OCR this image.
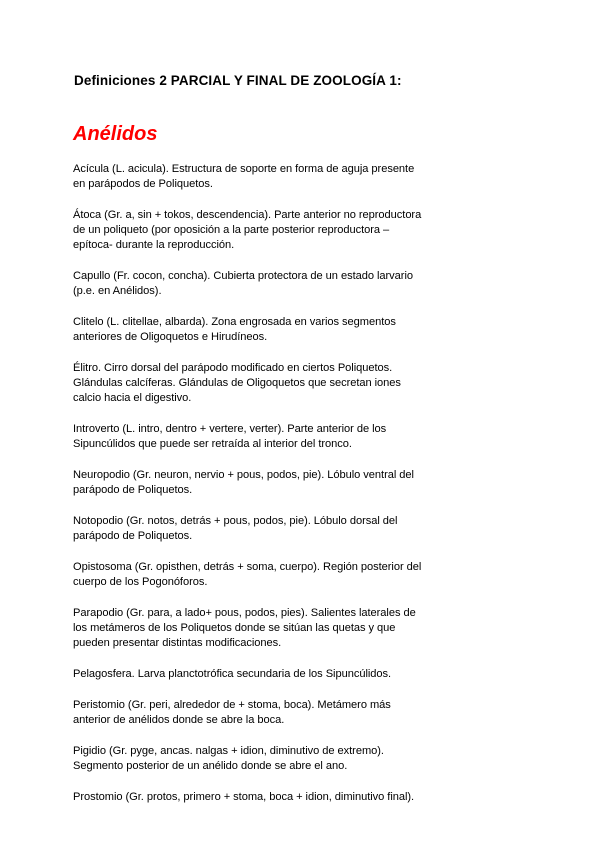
Definiciones 2 PARCIAL Y FINAL DE ZOOLOGÍA 1:
Anélidos
Acícula (L. acicula). Estructura de soporte en forma de aguja presente
en parápodos de Poliquetos.
Átoca (Gr. a, sin + tokos, descendencia). Parte anterior no reproductora
de un poliqueto (por oposición a la parte posterior reproductora –
epítoca- durante la reproducción.
Capullo (Fr. cocon, concha). Cubierta protectora de un estado larvario
(p.e. en Anélidos).
Clitelo (L. clitellae, albarda). Zona engrosada en varios segmentos
anteriores de Oligoquetos e Hirudíneos.
Élitro. Cirro dorsal del parápodo modificado en ciertos Poliquetos.
Glándulas calcíferas. Glándulas de Oligoquetos que secretan iones
calcio hacia el digestivo.
Introverto (L. intro, dentro + vertere, verter). Parte anterior de los
Sipuncúlidos que puede ser retraída al interior del tronco.
Neuropodio (Gr. neuron, nervio + pous, podos, pie). Lóbulo ventral del
parápodo de Poliquetos.
Notopodio (Gr. notos, detrás + pous, podos, pie). Lóbulo dorsal del
parápodo de Poliquetos.
Opistosoma (Gr. opisthen, detrás + soma, cuerpo). Región posterior del
cuerpo de los Pogonóforos.
Parapodio (Gr. para, a lado+ pous, podos, pies). Salientes laterales de
los metámeros de los Poliquetos donde se sitúan las quetas y que
pueden presentar distintas modificaciones.
Pelagosfera. Larva planctotrófica secundaria de los Sipuncúlidos.
Peristomio (Gr. peri, alrededor de + stoma, boca). Metámero más
anterior de anélidos donde se abre la boca.
Pigidio (Gr. pyge, ancas. nalgas + idion, diminutivo de extremo).
Segmento posterior de un anélido donde se abre el ano.
Prostomio (Gr. protos, primero + stoma, boca + idion, diminutivo final).
